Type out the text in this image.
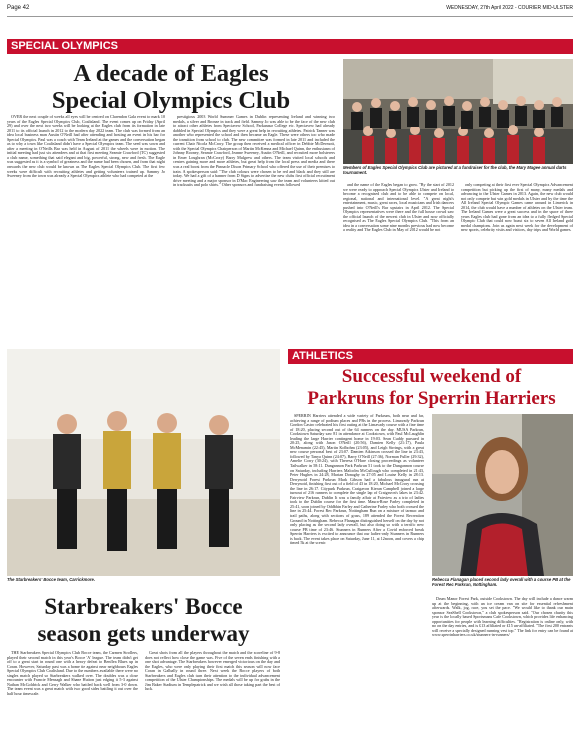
Page 42	WEDNESDAY, 27th April 2022 - COURIER MID-ULSTER
SPECIAL OLYMPICS
A decade of Eagles
Special Olympics Club

OVER the next couple of weeks all eyes will be centred on Clarendon Gala event to mark 10 years of the Eagles Special Olympics Club, Coalisland. The event comes up on Friday (April 29) and over the next two weeks will be looking at the Eagles club from its formation in late 2011 to its official launch in 2012 to the modern day 2022 team. The club was formed from an idea local business man Austin O'Neill had after attending and hosting an event in his bar for Special Olympics. Paul was a coach with Team Ireland at the games and the conversation began as to why a town like Coalisland didn't have a Special Olympics team. The seed was sown and after a meeting in O'Neills Bar was held in August of 2011 the wheels were in motion. The initial meeting had just six attendees and at that first meeting Seamie Crawford (TC) suggested a club name, something that said elegant and big, powerful, strong, new and fresh. The Eagle was suggested as it is a symbol of greatness and the name had been chosen, and from that night onwards the new club would be known as The Eagles Special Olympics Club. The first few weeks were difficult with recruiting athletes and getting volunteers trained up. Sammy Jo Sweeney from the town was already a Special Olympics athlete who had competed at the

prestigious 2003 World Summer Games in Dublin representing Ireland and winning two medals, a silver and Bronze in track and field. Sammy Jo was able to be the face of the new club to attract other athletes from Speciavew School, Parkanaur College etc. Speciavew had already dabbled in Special Olympics and they were a great help in recruiting athletes. Patrick Tanner was another who represented the school and then became an Eagle. These were others too who made the transition from school to club. The new committee was formed in late 2011 and included the current Chair Nicola McCrory. The group then received a medical officer in Debbie McDermott, with the Special Olympics Chairperson of Martin McKenna and Michael Quinn, the enthusiasm of Johnny Rooney, Seamie Crawford, Jeanne Sweeney, Austin O'Neill, and recruited more bolsterers in Emer Loughran (McCrory) Barry Mulgrew and others. The team visited local schools and centres gaining more and more athletes, but great help from the local press and media and there was a real boost from the Pinnacle Dixon Primary School who offered the use of their premises to train. A spokesperson said: "The club colours were chosen to be red and black and they still are today. We had a gift of a banner from D Signs to advertise the new clubs first official recruitment drive meeting and a major sponsor in D'Mac Engineering saw the team and volunteers kitted out in tracksuits and polo shirts." Other sponsors and fundraising events followed

Members of Eagles Special Olympics Club are pictured at a fundraiser for the club, the Mary Magee annual darts tournament.

and the name of the Eagles began to grow. "By the start of 2012 we were ready to approach Special Olympics Ulster and Ireland to become a recognised club and to be able to compete on local, regional, national and international level. "A great night's entertainment, music, great races, local musicians and Irish dancers pushed into O'Neill's Bar upstairs in April 2012. The Special Olympics representatives were there and the full house crowd saw the official launch of the newest club in Ulster and now officially recognised as The Eagles Special Olympics Club. "This from an idea in a conversation some nine months previous had now become a reality and The Eagles Club in May of 2012 would be not

only competing at their first ever Special Olympics Advancement competition but picking up the first of many, many medals and advancing to the Ulster Games in 2013. Again, the new club would not only compete but win gold medals in Ulster and by the time the All Ireland Special Olympic Games came around in Limerick in 2014, the club would have a number of athletes on the Ulster team. The Ireland Games were a great success and in the space of three years Eagles club had gone from an idea to a fully fledged Special Olympic Club that could now boast six to seven All Ireland gold medal champions. Join us again next week for the development of new sports, celebrity visits and visitors, day trips and World games.

The Starbreakers' Bocce team, Carrickmore.
Starbreakers' Bocce
season gets underway

THE Starbreakers Special Olympics Club Bocce team, the Carmen Strollers, played their second match in this year's Bocce 'A' league. The team didn't get off to a great start in round one with a heavy defeat to Benflea Blues up in Coran. However, Saturday past was a home tie against near neighbours Eagles Special Olympics Club Coalisland. Due to the numbers available there were no singles match played so Starbreakers walked over. The doubles was a close encounter with Francie Mensagh and Shane Hutton just edging it 5-3 against Nathan McGoldrick and Gerry Walker who battled back well from 3-0 down. The team event was a great match with two good sides battling it out over the half hour timescale.

Great shots from all the players throughout the match and the scoreline of 9-8 does not reflect how close the game was. Five of the seven ends finishing with a one shot advantage. The Starbreakers however emerged victorious on the day and the Eagles, who were only playing their first match this season will now face Coran in Galbally in round three. Next week the Bocce players of both Starbreakers and Eagles club turn their attention to the individual advancement competition of the Ulster Championships. The medals will be up for grabs in the Jim Baker Stadium in Templepatrick and we wish all those taking part the best of luck.

ATHLETICS
Successful weekend of
Parkruns for Sperrin Harriers

SPERRIN Harriers attended a wide variety of Parkruns, both near and far, achieving a range of podium places and PBs in the process. Limavady Parkrun Gordon Castro celebrated his first outing at the Limavady course with a fine time of 18:20, placing second out of the 64 runners on the day. MUSA Parkrun, Cookstown Saturday saw 81 in attendance at Cookstown, with Paul McLaughlin leading the large Harrier contingent home in 19:03. Sean Cuddy pursued in 20:25, along with Jason O'Neill (20:56), Damien Kelly (21:17), Paula McMenamin (22:45), Martin Kolbohm (23:05), and Leigh Sirrings, with a great new course personal best of 23:07. Damien Atkinson crossed the line in 23:43, followed by Tanya Quinn (24:07), Barry O'Neill (27:36), Norman Fuller (29:32), Amelie Corry (30:24), with Theresa O'Hare closing proceedings as volunteer Tailwalker in 58:11. Dungannon Park Parkrun 51 took to the Dungannon course on Saturday, including Harriers Malcolm McCullough who completed in 21:43, Peter Hughes in 24:28, Marian Donaghy in 27:05 and Louise Kelly in 28:13. Derrynoid Forest Parkrun Mark Gibson had a fabulous inaugural run at Derrynoid, finishing first out of a field of 43 in 18:20, Michael McCrory crossing the line in 26:17. Citypark Parkrun, Craigavon Kieran Campbell joined a large turnout of 216 runners to complete the single lap of Craigavon's lakes in 23:42. Fairview Parkrun, Dublin It was a family affair at Fairview as a trio of ladies took to the Dublin course for the first time. Maura-Rose Farley completed in 25:41, soon joined by Oddbhin Farley and Catherine Farley who both crossed the line in 25:44. Forest Rec Parkrun, Nottingham Run on a mixture of tarmac and trail paths, along with sections of grass, 189 attended the Forest Recreation Ground in Nottingham. Rebecca Flanagan distinguished herself on the day by not only placing as the second lady overall, but also doing so with a terrific new course PB time of 23:46. Stunners in Runners After a Covid enforced break Sperrin Harriers is excited to announce that our ladies-only Stunners in Runners is back. The event takes place on Saturday, June 11, at 12noon, and covers a chip timed 5k at the scenic

Rebecca Flanagan placed second lady overall with a course PB at the Forest Rec Parkrun, Nottingham.

Drum Manor Forest Park, outside Cookstown. The day will include a dance warm up at the beginning, with an ice cream van on site for essential refreshment afterwards. Walk, jog, race, you set the pace. "We would like to thank our main sponsor SeaShell Cookstown," a club spokesperson said. "Our chosen charity this year is the locally based Sportsmans Cafe Cookstown, which provides life enhancing opportunities for people with learning difficulties. "Registration is online only, with no on the day entries, and is £13 affiliated or £15 un-affiliated. "The first 200 entrants will receive a specially designed running vest top." The link for entry can be found at www.sperrinharriers.co.uk/stunners-in-runners/
